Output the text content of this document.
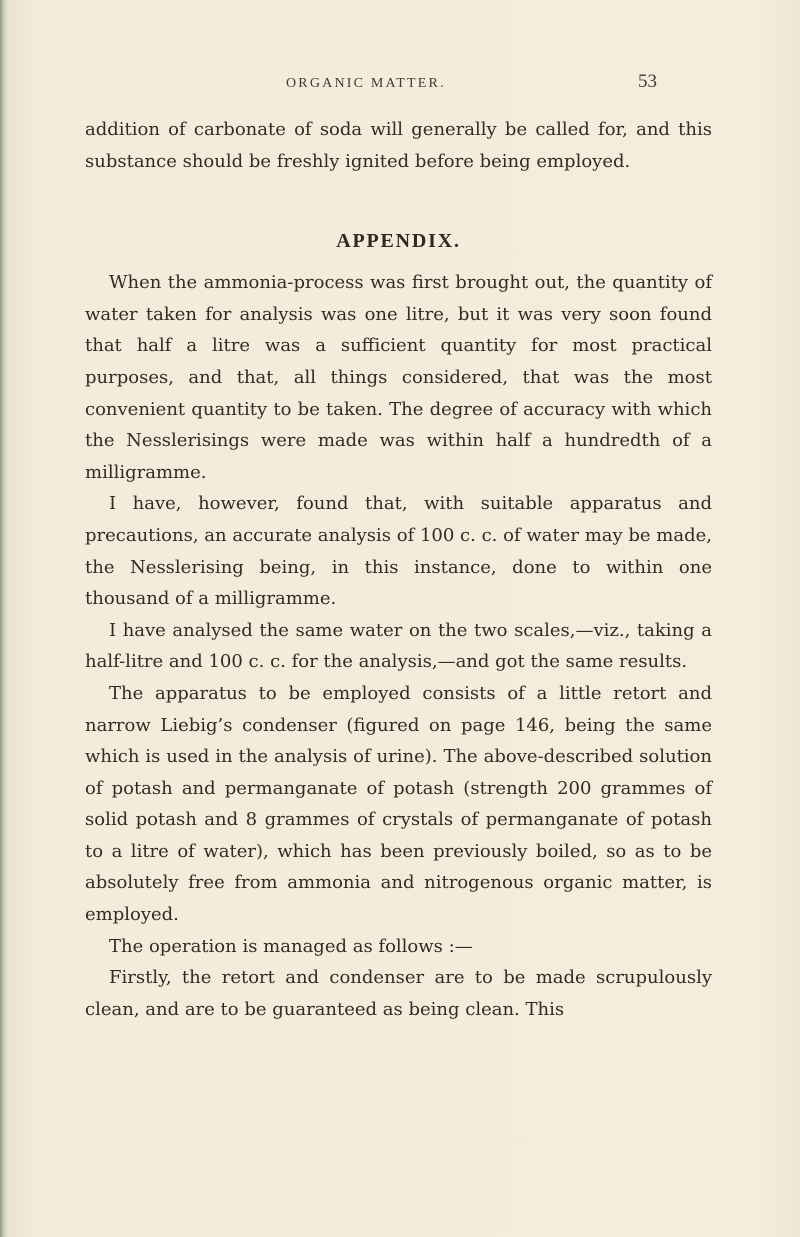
ORGANIC MATTER.	53

addition of carbonate of soda will generally be called for, and this substance should be freshly ignited before being employed.

APPENDIX.

When the ammonia-process was first brought out, the quantity of water taken for analysis was one litre, but it was very soon found that half a litre was a sufficient quantity for most practical purposes, and that, all things considered, that was the most convenient quantity to be taken. The degree of accuracy with which the Nesslerisings were made was within half a hundredth of a milligramme.

I have, however, found that, with suitable apparatus and precautions, an accurate analysis of 100 c. c. of water may be made, the Nesslerising being, in this instance, done to within one thousand of a milligramme.

I have analysed the same water on the two scales,—viz., taking a half-litre and 100 c. c. for the analysis,—and got the same results.

The apparatus to be employed consists of a little retort and narrow Liebig’s condenser (figured on page 146, being the same which is used in the analysis of urine). The above-described solution of potash and permanganate of potash (strength 200 grammes of solid potash and 8 grammes of crystals of permanganate of potash to a litre of water), which has been previously boiled, so as to be absolutely free from ammonia and nitrogenous organic matter, is employed.

The operation is managed as follows :—

Firstly, the retort and condenser are to be made scrupulously clean, and are to be guaranteed as being clean. This
